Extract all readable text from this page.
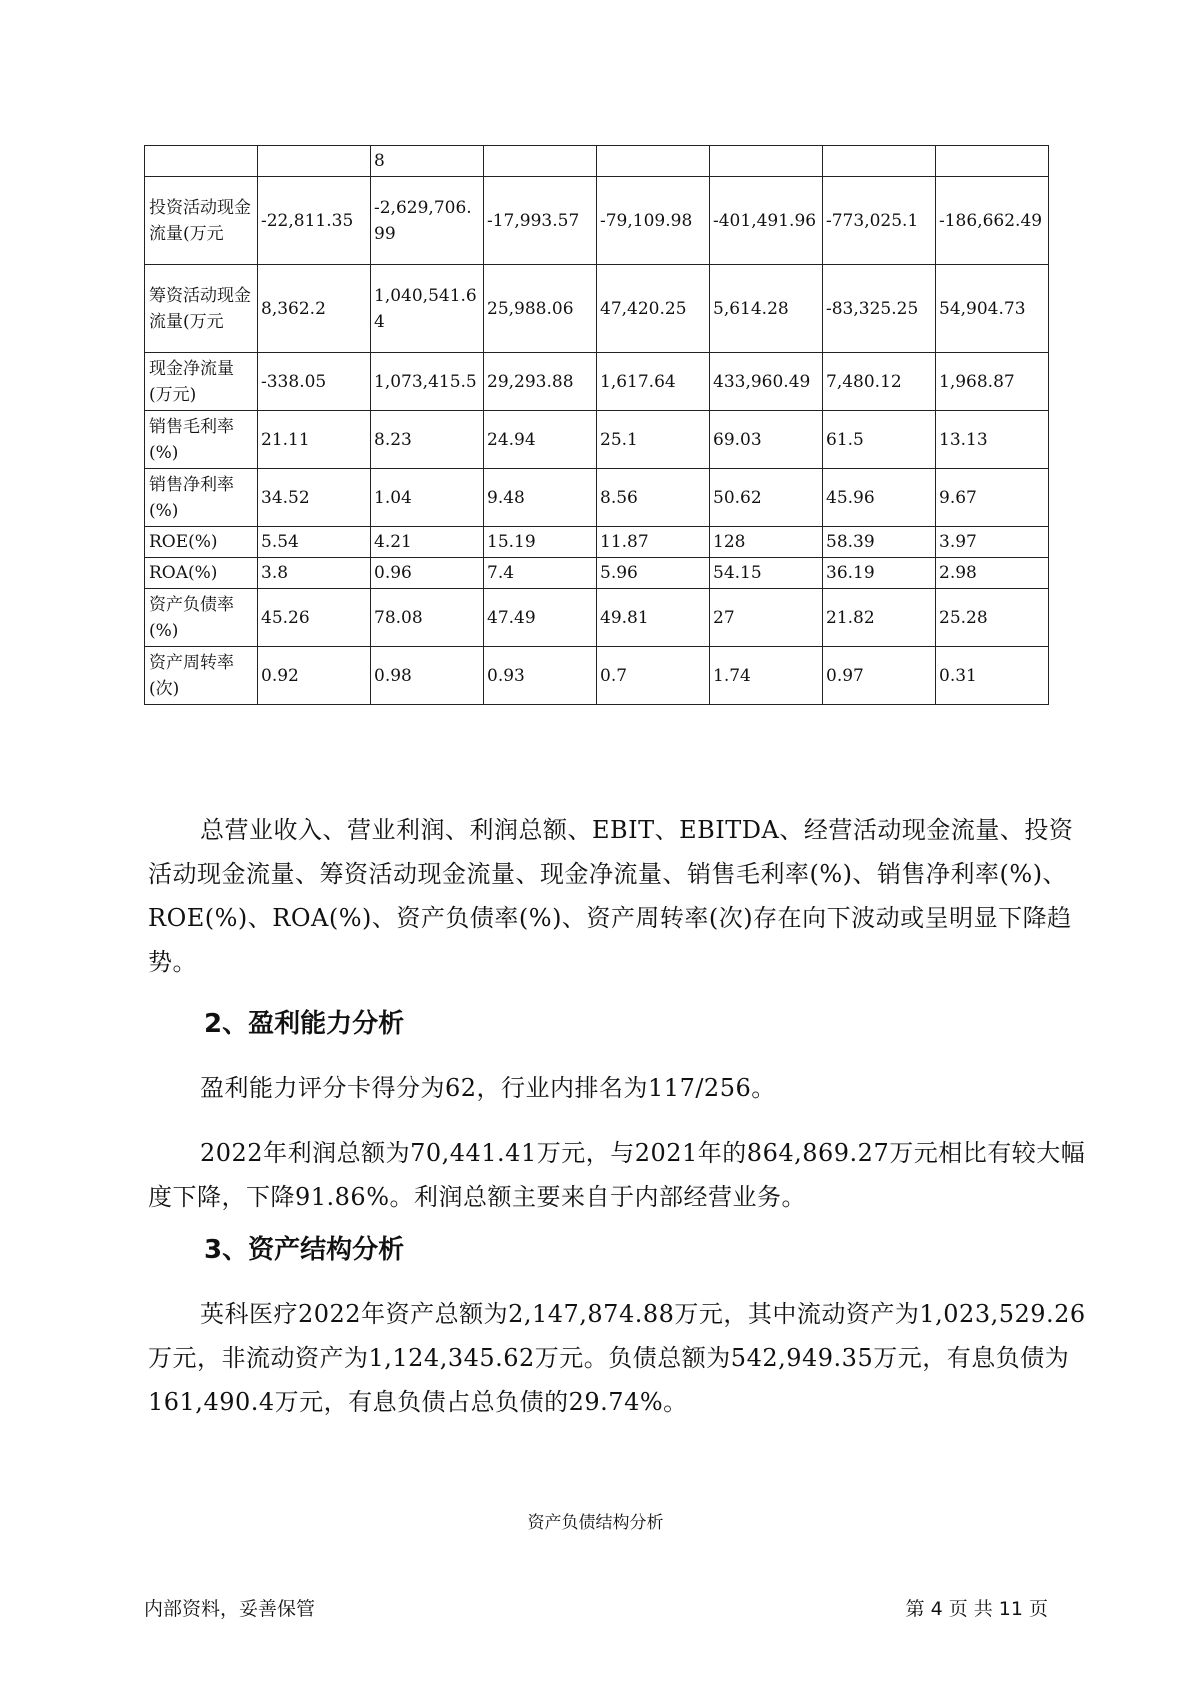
		8					
投资活动现金流量(万元	-22,811.35	-2,629,706.99	-17,993.57	-79,109.98	-401,491.96	-773,025.1	-186,662.49
筹资活动现金流量(万元	8,362.2	1,040,541.64	25,988.06	47,420.25	5,614.28	-83,325.25	54,904.73
现金净流量(万元)	-338.05	1,073,415.5	29,293.88	1,617.64	433,960.49	7,480.12	1,968.87
销售毛利率(%)	21.11	8.23	24.94	25.1	69.03	61.5	13.13
销售净利率(%)	34.52	1.04	9.48	8.56	50.62	45.96	9.67
ROE(%)	5.54	4.21	15.19	11.87	128	58.39	3.97
ROA(%)	3.8	0.96	7.4	5.96	54.15	36.19	2.98
资产负债率(%)	45.26	78.08	47.49	49.81	27	21.82	25.28
资产周转率(次)	0.92	0.98	0.93	0.7	1.74	0.97	0.31

总营业收入、营业利润、利润总额、EBIT、EBITDA、经营活动现金流量、投资活动现金流量、筹资活动现金流量、现金净流量、销售毛利率(%)、销售净利率(%)、ROE(%)、ROA(%)、资产负债率(%)、资产周转率(次)存在向下波动或呈明显下降趋势。

2、盈利能力分析

盈利能力评分卡得分为62，行业内排名为117/256。

2022年利润总额为70,441.41万元，与2021年的864,869.27万元相比有较大幅度下降，下降91.86%。利润总额主要来自于内部经营业务。

3、资产结构分析

英科医疗2022年资产总额为2,147,874.88万元，其中流动资产为1,023,529.26万元，非流动资产为1,124,345.62万元。负债总额为542,949.35万元，有息负债为161,490.4万元，有息负债占总负债的29.74%。

资产负债结构分析
内部资料，妥善保管	第 4 页 共 11 页
